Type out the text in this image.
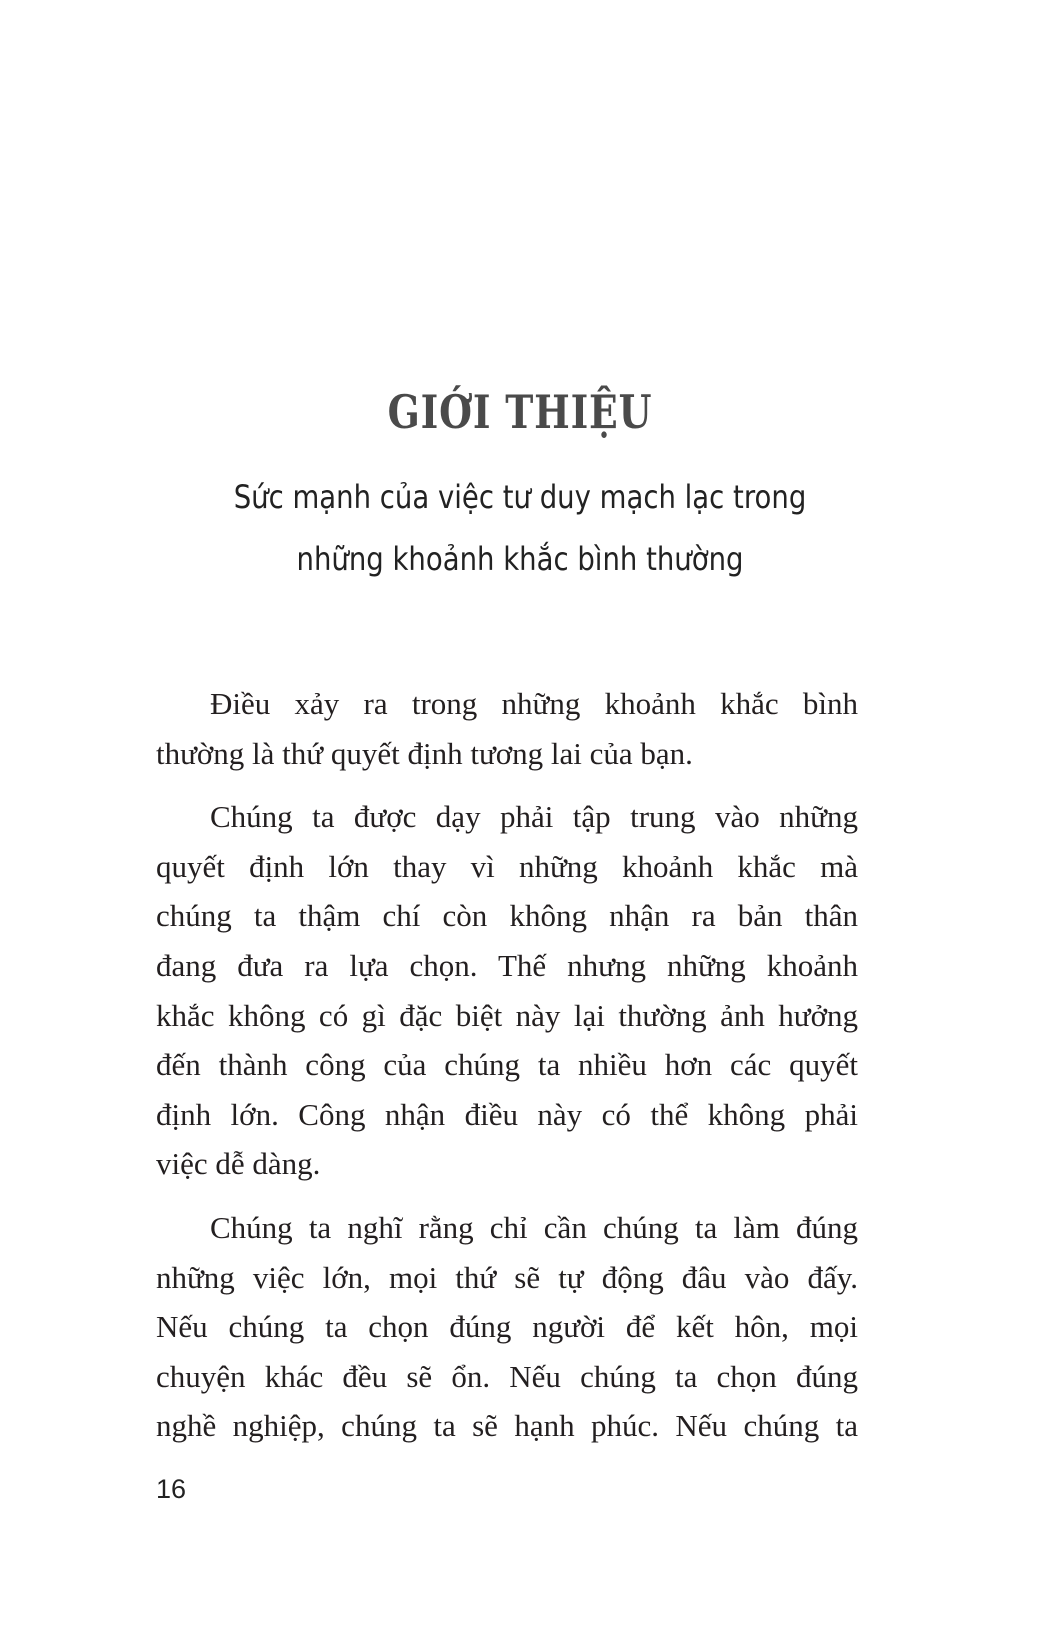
GIỚI THIỆU
Sức mạnh của việc tư duy mạch lạc trong
những khoảnh khắc bình thường
Điều xảy ra trong những khoảnh khắc bình
thường là thứ quyết định tương lai của bạn.
Chúng ta được dạy phải tập trung vào những
quyết định lớn thay vì những khoảnh khắc mà
chúng ta thậm chí còn không nhận ra bản thân
đang đưa ra lựa chọn. Thế nhưng những khoảnh
khắc không có gì đặc biệt này lại thường ảnh hưởng
đến thành công của chúng ta nhiều hơn các quyết
định lớn. Công nhận điều này có thể không phải
việc dễ dàng.
Chúng ta nghĩ rằng chỉ cần chúng ta làm đúng
những việc lớn, mọi thứ sẽ tự động đâu vào đấy.
Nếu chúng ta chọn đúng người để kết hôn, mọi
chuyện khác đều sẽ ổn. Nếu chúng ta chọn đúng
nghề nghiệp, chúng ta sẽ hạnh phúc. Nếu chúng ta
16
